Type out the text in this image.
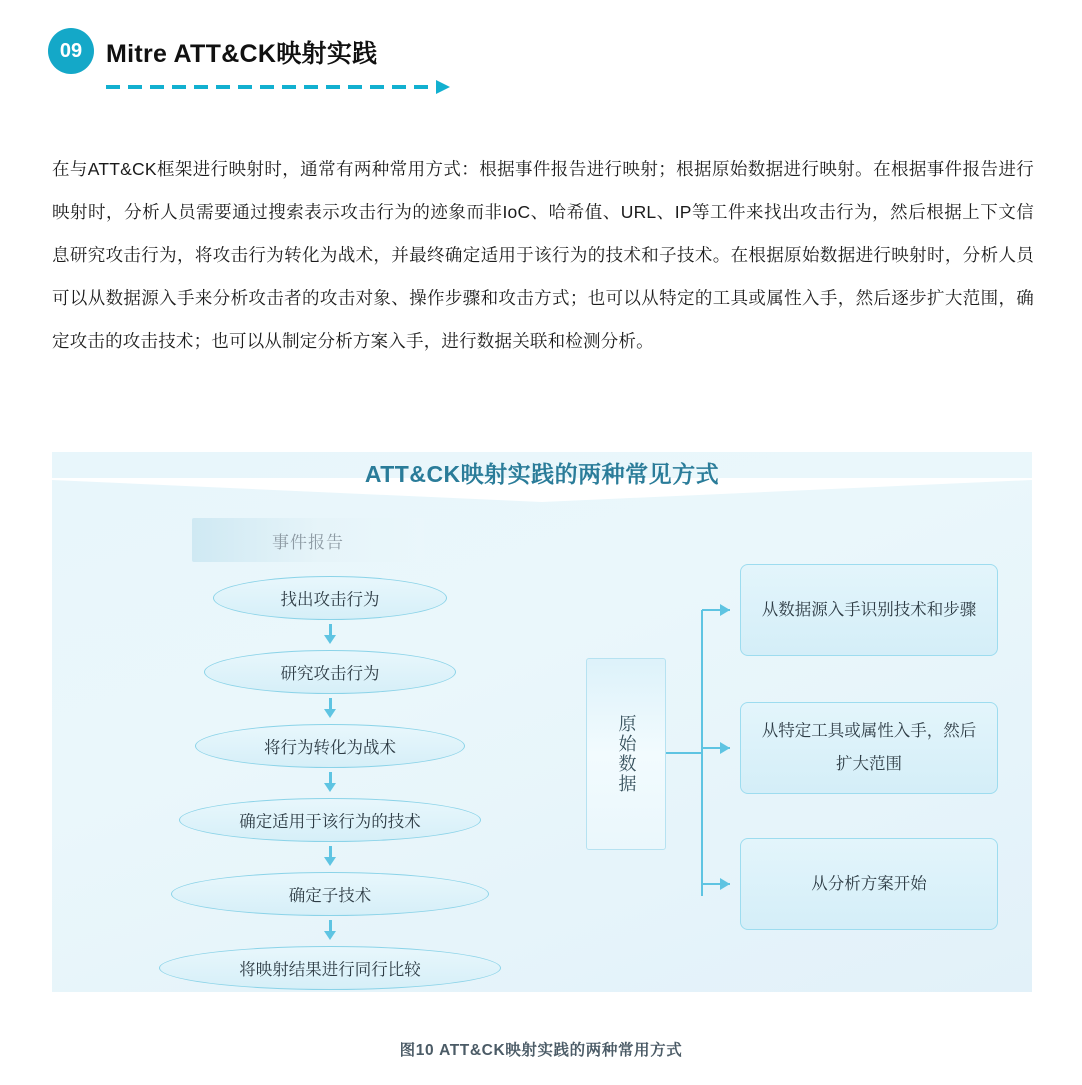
09 Mitre ATT&CK映射实践
在与ATT&CK框架进行映射时，通常有两种常用方式：根据事件报告进行映射；根据原始数据进行映射。在根据事件报告进行映射时，分析人员需要通过搜索表示攻击行为的迹象而非IoC、哈希值、URL、IP等工件来找出攻击行为，然后根据上下文信息研究攻击行为，将攻击行为转化为战术，并最终确定适用于该行为的技术和子技术。在根据原始数据进行映射时，分析人员可以从数据源入手来分析攻击者的攻击对象、操作步骤和攻击方式；也可以从特定的工具或属性入手，然后逐步扩大范围，确定攻击的攻击技术；也可以从制定分析方案入手，进行数据关联和检测分析。
ATT&CK映射实践的两种常见方式
事件报告
找出攻击行为
研究攻击行为
将行为转化为战术
确定适用于该行为的技术
确定子技术
将映射结果进行同行比较
原始数据
从数据源入手识别技术和步骤
从特定工具或属性入手，然后扩大范围
从分析方案开始
图10 ATT&CK映射实践的两种常用方式
